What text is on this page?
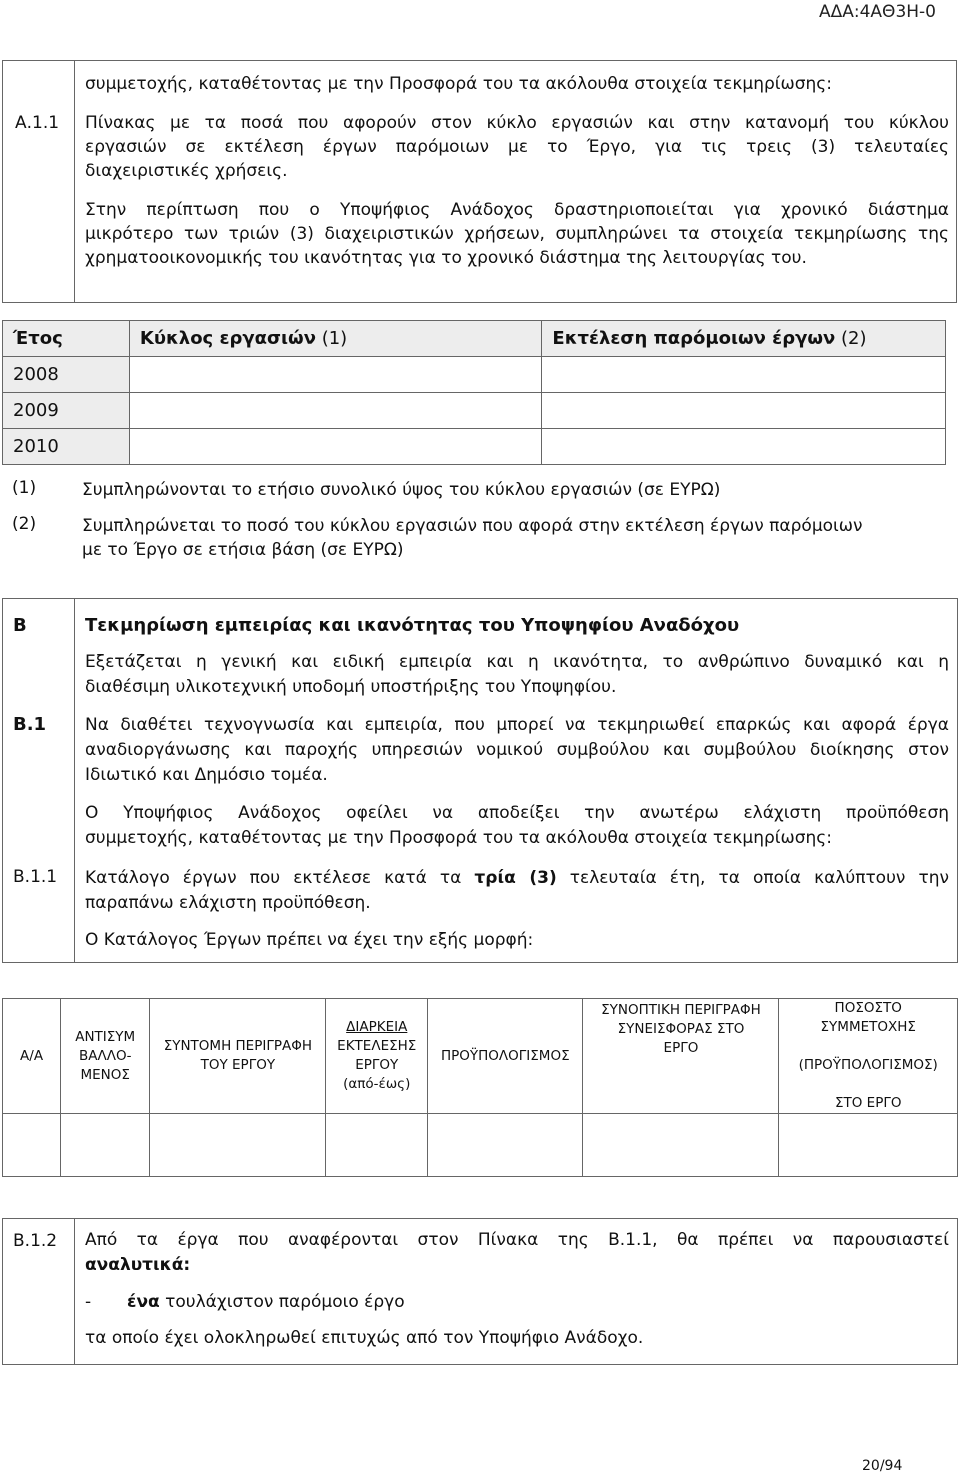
ΑΔΑ:4ΑΘ3Η-0
συμμετοχής, καταθέτοντας με την Προσφορά του τα ακόλουθα στοιχεία τεκμηρίωσης:
Α.1.1 Πίνακας με τα ποσά που αφορούν στον κύκλο εργασιών και στην κατανομή του κύκλου
εργασιών σε εκτέλεση έργων παρόμοιων με το Έργο, για τις τρεις (3) τελευταίες
διαχειριστικές χρήσεις.
Στην περίπτωση που ο Υποψήφιος Ανάδοχος δραστηριοποιείται για χρονικό διάστημα
μικρότερο των τριών (3) διαχειριστικών χρήσεων, συμπληρώνει τα στοιχεία τεκμηρίωσης της
χρηματοοικονομικής του ικανότητας για το χρονικό διάστημα της λειτουργίας του.
Έτος	Κύκλος εργασιών (1)	Εκτέλεση παρόμοιων έργων (2)
2008		
2009		
2010		
(1)	Συμπληρώνονται το ετήσιο συνολικό ύψος του κύκλου εργασιών (σε ΕΥΡΩ)
(2)	Συμπληρώνεται το ποσό του κύκλου εργασιών που αφορά στην εκτέλεση έργων παρόμοιων
με το Έργο σε ετήσια βάση (σε ΕΥΡΩ)
Β	Τεκμηρίωση εμπειρίας και ικανότητας του Υποψηφίου Αναδόχου
Εξετάζεται η γενική και ειδική εμπειρία και η ικανότητα, το ανθρώπινο δυναμικό και η
διαθέσιμη υλικοτεχνική υποδομή υποστήριξης του Υποψηφίου.
Β.1 Να διαθέτει τεχνογνωσία και εμπειρία, που μπορεί να τεκμηριωθεί επαρκώς και αφορά έργα
αναδιοργάνωσης και παροχής υπηρεσιών νομικού συμβούλου και συμβούλου διοίκησης στον
Ιδιωτικό και Δημόσιο τομέα.
Ο Υποψήφιος Ανάδοχος οφείλει να αποδείξει την ανωτέρω ελάχιστη προϋπόθεση
συμμετοχής, καταθέτοντας με την Προσφορά του τα ακόλουθα στοιχεία τεκμηρίωσης:
Β.1.1 Κατάλογο έργων που εκτέλεσε κατά τα τρία (3) τελευταία έτη, τα οποία καλύπτουν την
παραπάνω ελάχιστη προϋπόθεση.
Ο Κατάλογος Έργων πρέπει να έχει την εξής μορφή:
Α/Α	ΑΝΤΙΣΥΜ
ΒΑΛΛΟ-
ΜΕΝΟΣ	ΣΥΝΤΟΜΗ ΠΕΡΙΓΡΑΦΗ
ΤΟΥ ΕΡΓΟΥ	ΔΙΑΡΚΕΙΑ
ΕΚΤΕΛΕΣΗΣ
ΕΡΓΟΥ
(από-έως)	ΠΡΟΫΠΟΛΟΓΙΣΜΟΣ	ΣΥΝΟΠΤΙΚΗ ΠΕΡΙΓΡΑΦΗ
ΣΥΝΕΙΣΦΟΡΑΣ ΣΤΟ
ΕΡΓΟ	ΠΟΣΟΣΤΟ
ΣΥΜΜΕΤΟΧΗΣ

(ΠΡΟΫΠΟΛΟΓΙΣΜΟΣ)

ΣΤΟ ΕΡΓΟ

Β.1.2 Από τα έργα που αναφέρονται στον Πίνακα της Β.1.1, θα πρέπει να παρουσιαστεί
αναλυτικά:
- ένα τουλάχιστον παρόμοιο έργο
τα οποίο έχει ολοκληρωθεί επιτυχώς από τον Υποψήφιο Ανάδοχο.
20/94
